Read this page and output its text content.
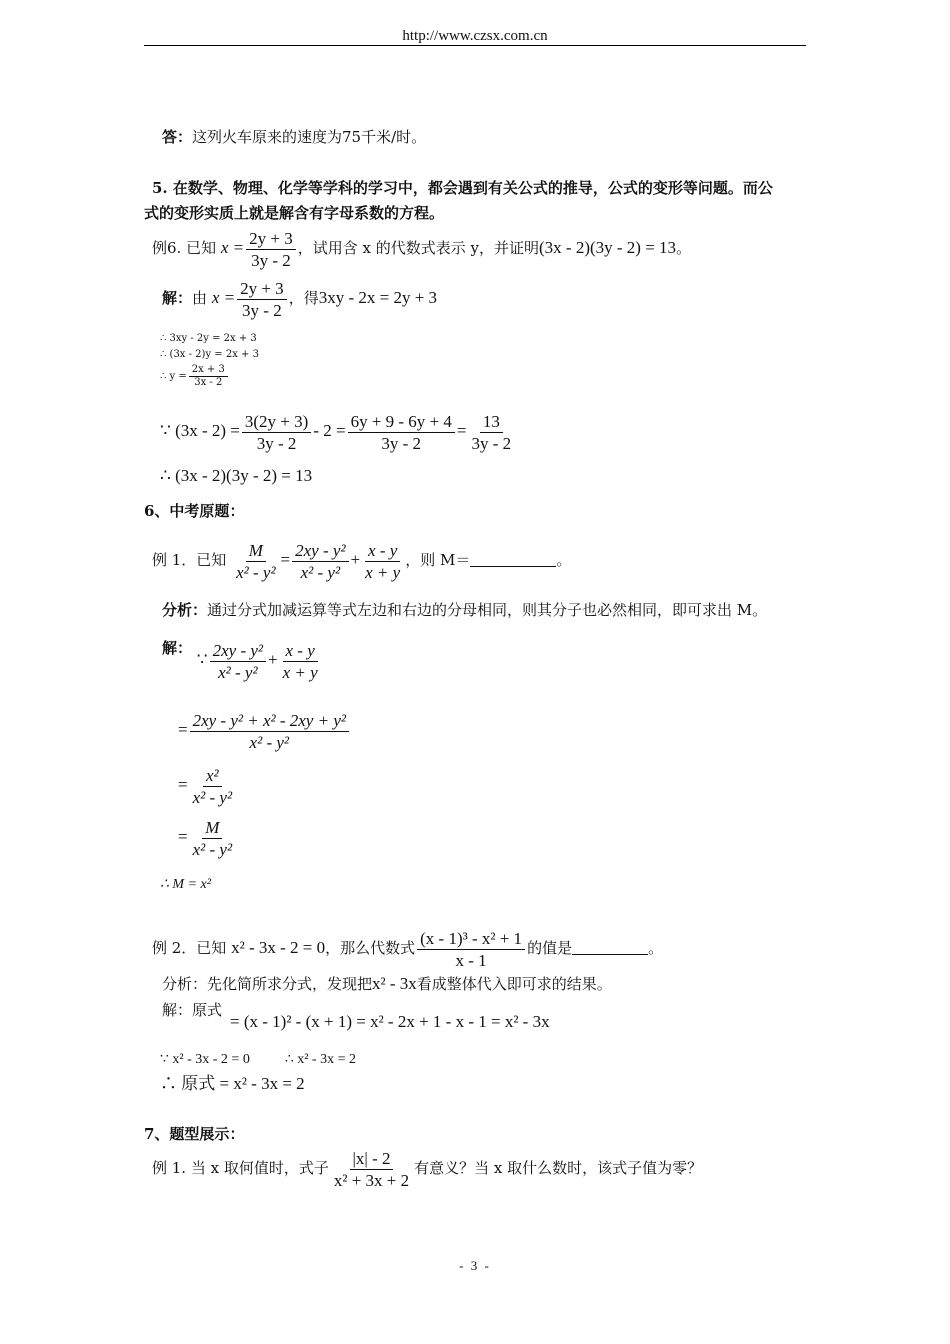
http://www.czsx.com.cn
答：这列火车原来的速度为75千米/时。
5. 在数学、物理、化学等学科的学习中，都会遇到有关公式的推导，公式的变形等问题。而公
式的变形实质上就是解含有字母系数的方程。
例6. 已知 $x = \frac{2y + 3}{3y - 2}$ ，试用含 x 的代数式表示 y，并证明(3x - 2)(3y - 2) = 13。
解：由 $x = \frac{2y + 3}{3y - 2}$ ，得3xy - 2x = 2y + 3
∴ 3xy - 2y = 2x + 3
∴ (3x - 2)y = 2x + 3
∴ $y = \frac{2x + 3}{3x - 2}$
∵ $(3x - 2) = \frac{3(2y + 3)}{3y - 2} - 2 = \frac{6y + 9 - 6y + 4}{3y - 2} = \frac{13}{3y - 2}$
∴ (3x - 2)(3y - 2) = 13
6、中考原题：
例 1．已知 $\frac{M}{\text{x² - y²}} = \frac{\text{2xy - y²}}{\text{x² - y²}} + \frac{x - y}{x + y}$ ，则 M＝	。
分析：通过分式加减运算等式左边和右边的分母相同，则其分子也必然相同，即可求出 M。
解： ∵ $\frac{\text{2xy - y²}}{\text{x² - y²}} + \frac{x - y}{x + y}$
= $\frac{\text{2xy - y² + x² - 2xy + y²}}{\text{x² - y²}}$
= $\frac{\text{x²}}{\text{x² - y²}}$
= $\frac{M}{\text{x² - y²}}$
∴ M = x²
例 2．已知 x² - 3x - 2 = 0，那么代数式 $\frac{\text{(x - 1)³ - x² + 1}}{x - 1}$ 的值是	。
分析：先化简所求分式，发现把x² - 3x看成整体代入即可求的结果。
解：原式
= (x - 1)² - (x + 1) = x² - 2x + 1 - x - 1 = x² - 3x
∵ x² - 3x - 2 = 0	∴ x² - 3x = 2
∴ 原式 = x² - 3x = 2
7、题型展示：
例 1. 当 x 取何值时，式子 $\frac{|x| - 2}{\text{x² + 3x + 2}}$ 有意义？当 x 取什么数时，该式子值为零？
- 3 -
